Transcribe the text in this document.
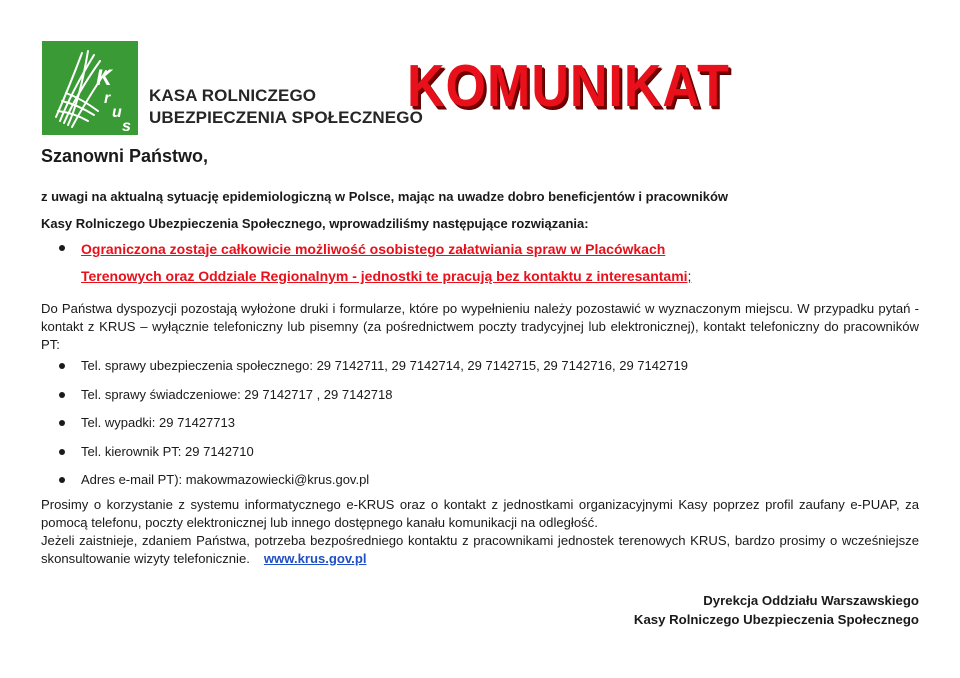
K
r
u
s
KASA ROLNICZEGO
UBEZPIECZENIA SPOŁECZNEGO
KOMUNIKAT
Szanowni Państwo,
z uwagi na aktualną sytuację epidemiologiczną w Polsce, mając na uwadze dobro beneficjentów i pracowników
Kasy Rolniczego Ubezpieczenia Społecznego, wprowadziliśmy następujące rozwiązania:
Ograniczona zostaje całkowicie możliwość osobistego załatwiania spraw w Placówkach
Terenowych oraz Oddziale Regionalnym - jednostki te pracują bez kontaktu z interesantami;
Do Państwa dyspozycji pozostają wyłożone druki i formularze, które po wypełnieniu należy pozostawić w wyznaczonym miejscu. W przypadku pytań - kontakt z KRUS – wyłącznie telefoniczny lub pisemny (za pośrednictwem poczty tradycyjnej lub elektronicznej), kontakt telefoniczny do pracowników PT:
Tel. sprawy ubezpieczenia społecznego: 29 7142711, 29 7142714, 29 7142715, 29 7142716, 29 7142719
Tel. sprawy świadczeniowe: 29 7142717 , 29 7142718
Tel. wypadki: 29 71427713
Tel. kierownik PT: 29 7142710
Adres e-mail PT): makowmazowiecki@krus.gov.pl
Prosimy o korzystanie z systemu informatycznego e-KRUS oraz o kontakt z jednostkami organizacyjnymi Kasy poprzez profil zaufany e-PUAP, za pomocą telefonu, poczty elektronicznej lub innego dostępnego kanału komunikacji na odległość.
Jeżeli zaistnieje, zdaniem Państwa, potrzeba bezpośredniego kontaktu z pracownikami jednostek terenowych KRUS, bardzo prosimy o wcześniejsze skonsultowanie wizyty telefonicznie. www.krus.gov.pl
Dyrekcja Oddziału Warszawskiego
Kasy Rolniczego Ubezpieczenia Społecznego
